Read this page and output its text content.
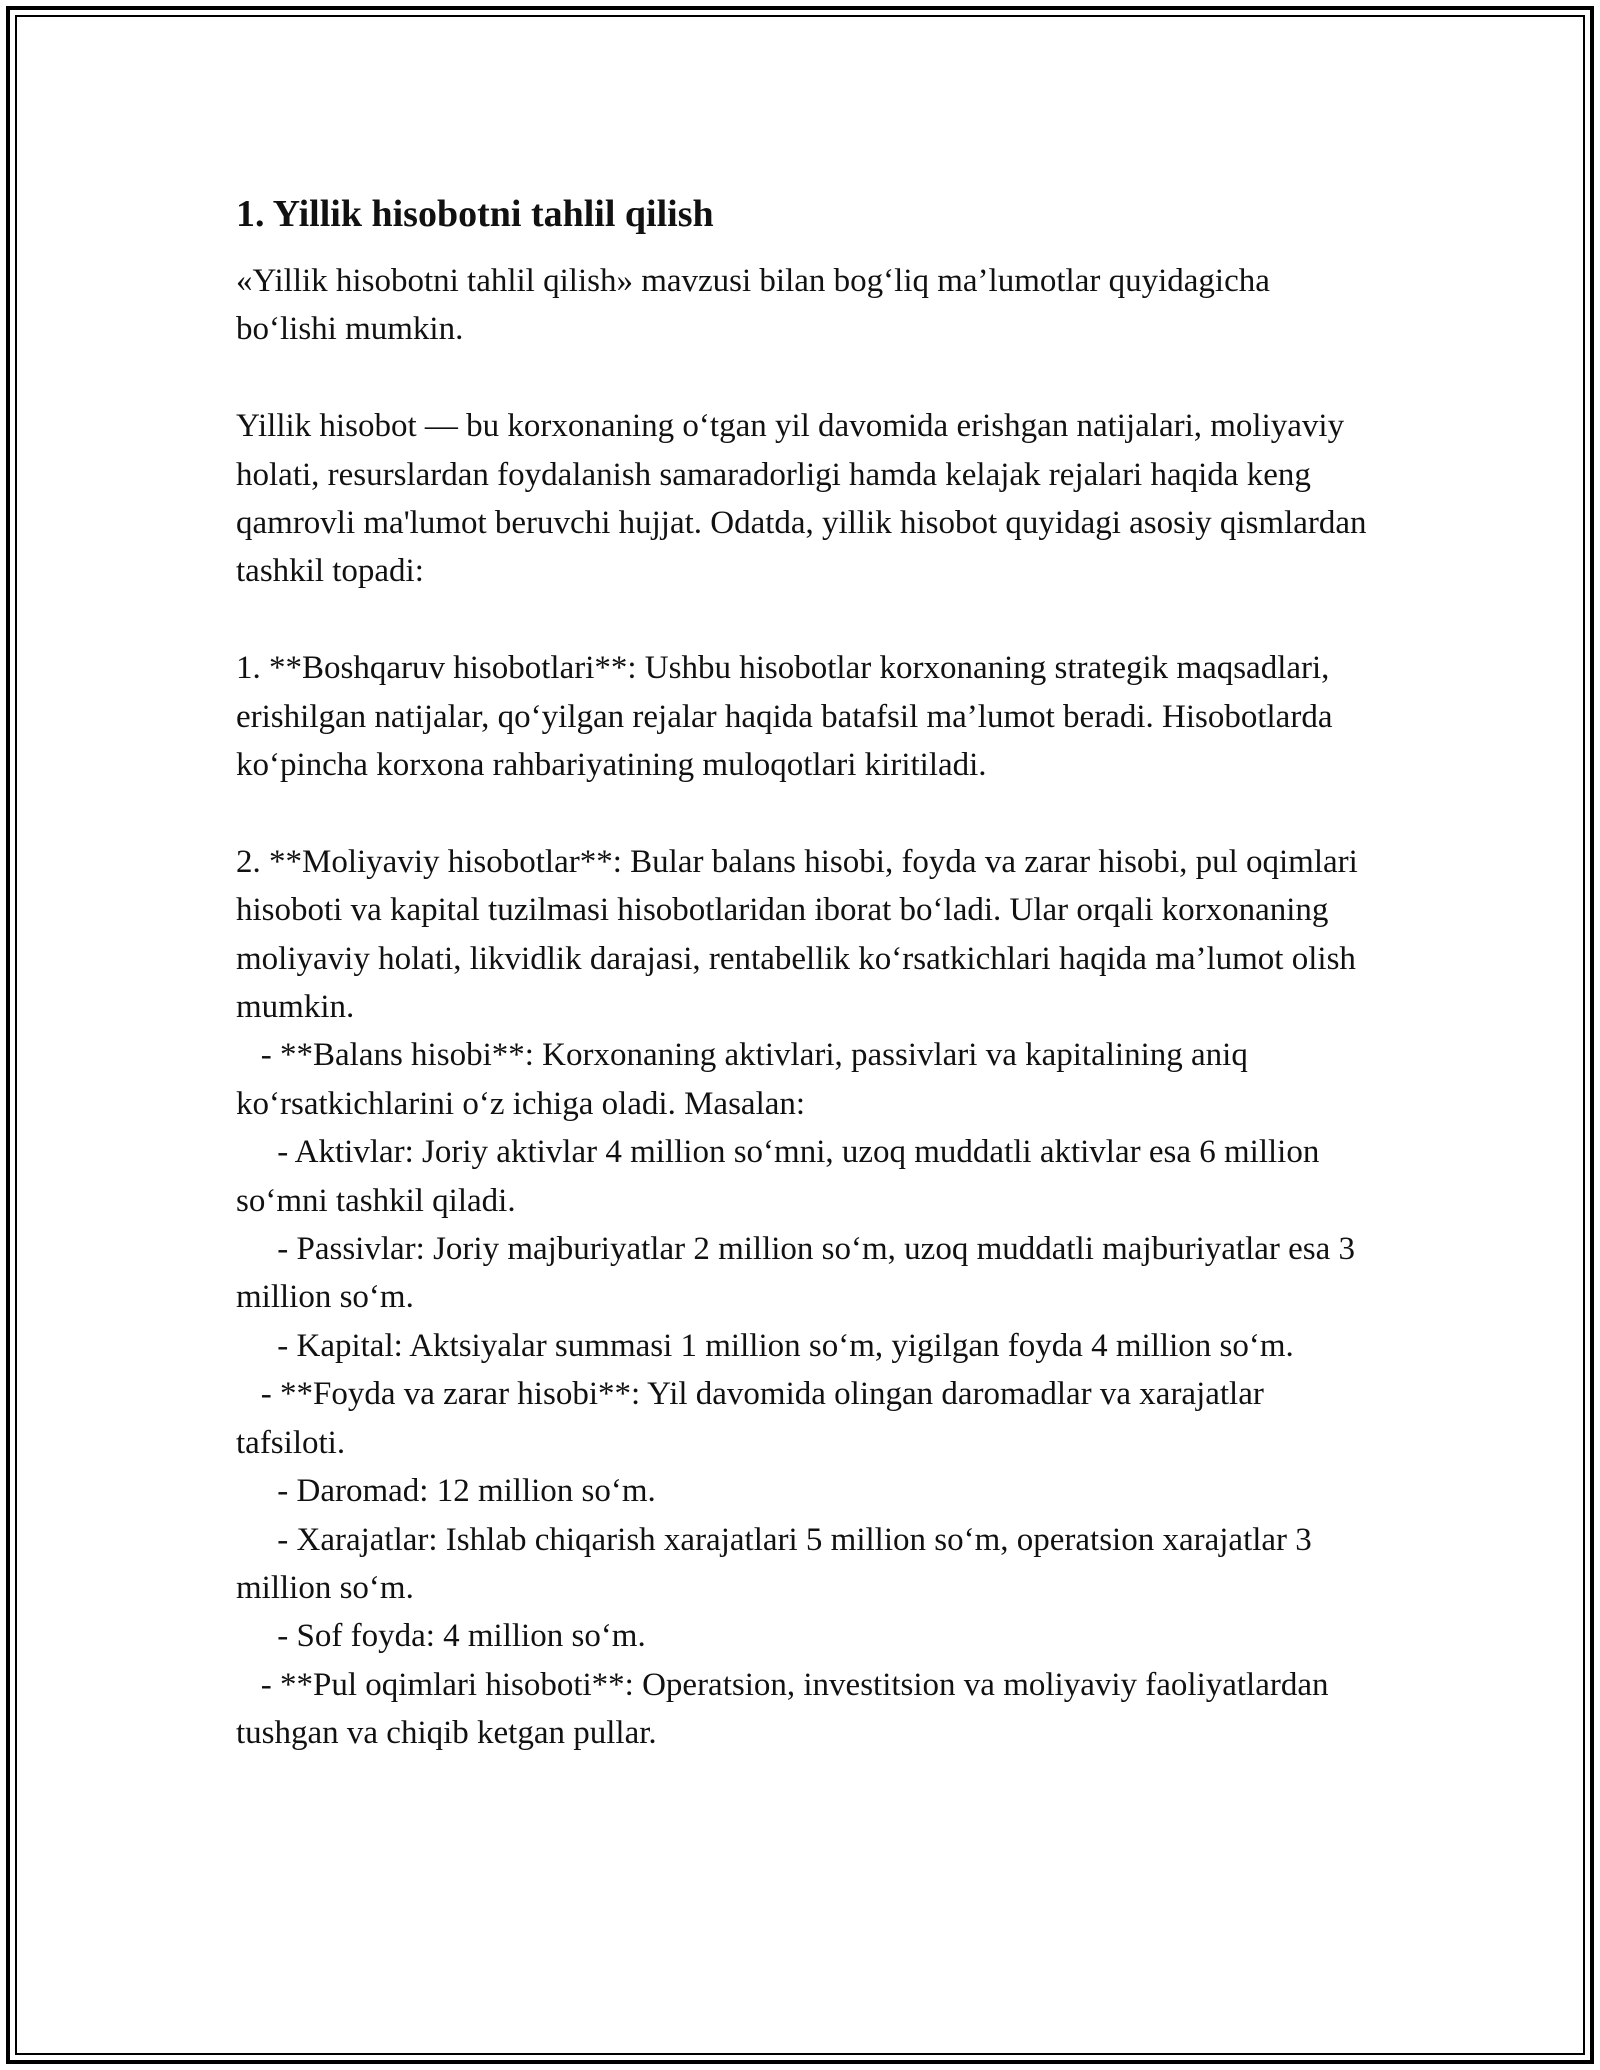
1. Yillik hisobotni tahlil qilish

«Yillik hisobotni tahlil qilish» mavzusi bilan bog‘liq ma’lumotlar quyidagicha bo‘lishi mumkin.

Yillik hisobot — bu korxonaning o‘tgan yil davomida erishgan natijalari, moliyaviy holati, resurslardan foydalanish samaradorligi hamda kelajak rejalari haqida keng qamrovli ma'lumot beruvchi hujjat. Odatda, yillik hisobot quyidagi asosiy qismlardan tashkil topadi:

1. **Boshqaruv hisobotlari**: Ushbu hisobotlar korxonaning strategik maqsadlari, erishilgan natijalar, qo‘yilgan rejalar haqida batafsil ma’lumot beradi. Hisobotlarda ko‘pincha korxona rahbariyatining muloqotlari kiritiladi.

2. **Moliyaviy hisobotlar**: Bular balans hisobi, foyda va zarar hisobi, pul oqimlari hisoboti va kapital tuzilmasi hisobotlaridan iborat bo‘ladi. Ular orqali korxonaning moliyaviy holati, likvidlik darajasi, rentabellik ko‘rsatkichlari haqida ma’lumot olish mumkin.

- **Balans hisobi**: Korxonaning aktivlari, passivlari va kapitalining aniq ko‘rsatkichlarini o‘z ichiga oladi. Masalan:

- Aktivlar: Joriy aktivlar 4 million so‘mni, uzoq muddatli aktivlar esa 6 million so‘mni tashkil qiladi.

- Passivlar: Joriy majburiyatlar 2 million so‘m, uzoq muddatli majburiyatlar esa 3 million so‘m.

- Kapital: Aktsiyalar summasi 1 million so‘m, yigilgan foyda 4 million so‘m.

- **Foyda va zarar hisobi**: Yil davomida olingan daromadlar va xarajatlar tafsiloti.

- Daromad: 12 million so‘m.

- Xarajatlar: Ishlab chiqarish xarajatlari 5 million so‘m, operatsion xarajatlar 3 million so‘m.

- Sof foyda: 4 million so‘m.

- **Pul oqimlari hisoboti**: Operatsion, investitsion va moliyaviy faoliyatlardan tushgan va chiqib ketgan pullar.
